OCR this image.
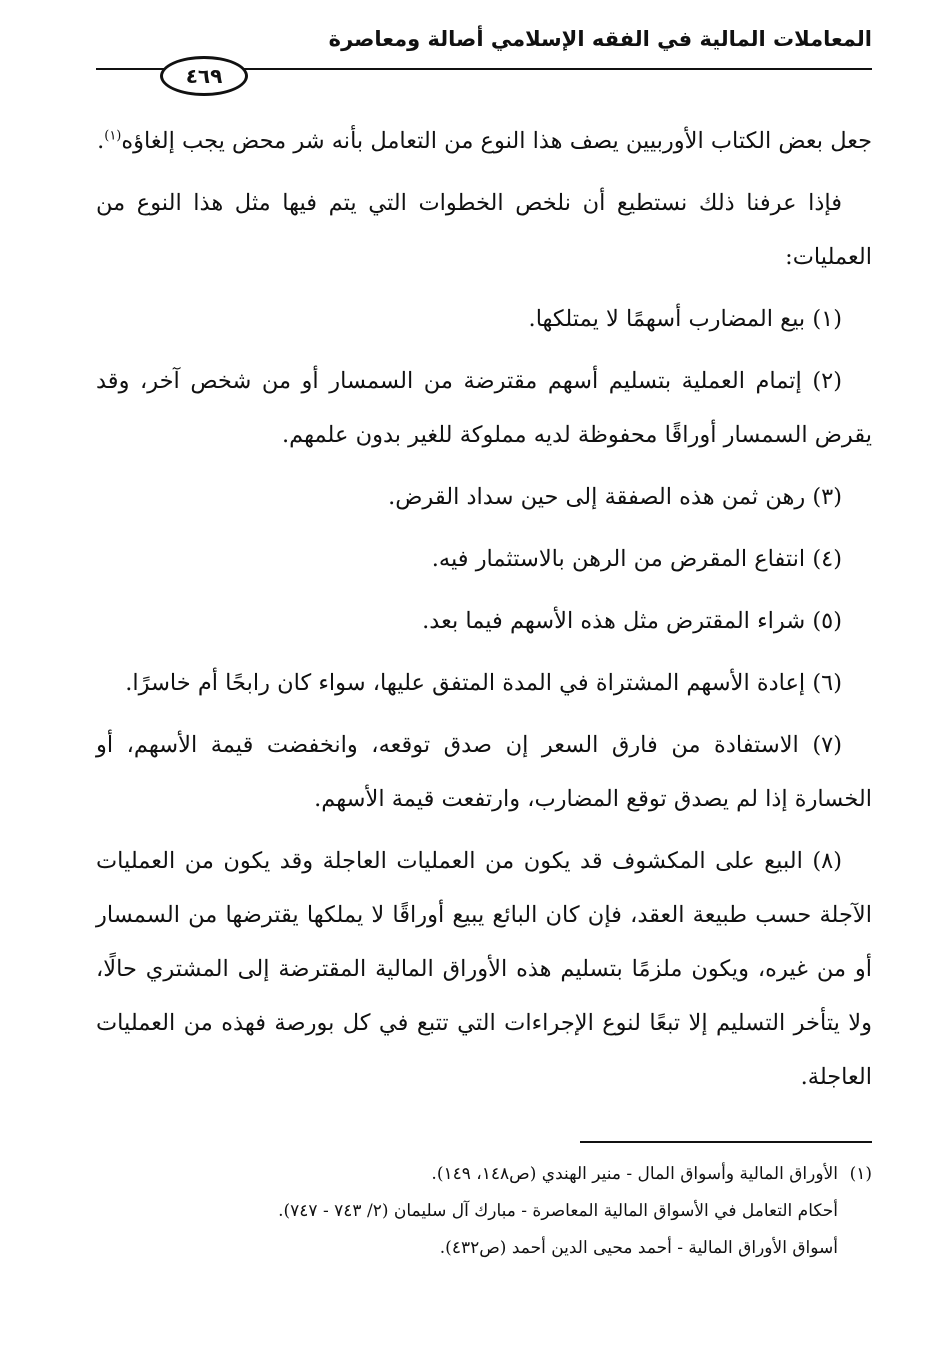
المعاملات المالية في الفقه الإسلامي أصالة ومعاصرة
٤٦٩

جعل بعض الكتاب الأوربيين يصف هذا النوع من التعامل بأنه شر محض يجب إلغاؤه$^{(١)}$.

فإذا عرفنا ذلك نستطيع أن نلخص الخطوات التي يتم فيها مثل هذا النوع من العمليات:

(١) بيع المضارب أسهمًا لا يمتلكها.

(٢) إتمام العملية بتسليم أسهم مقترضة من السمسار أو من شخص آخر، وقد يقرض السمسار أوراقًا محفوظة لديه مملوكة للغير بدون علمهم.

(٣) رهن ثمن هذه الصفقة إلى حين سداد القرض.

(٤) انتفاع المقرض من الرهن بالاستثمار فيه.

(٥) شراء المقترض مثل هذه الأسهم فيما بعد.

(٦) إعادة الأسهم المشتراة في المدة المتفق عليها، سواء كان رابحًا أم خاسرًا.

(٧) الاستفادة من فارق السعر إن صدق توقعه، وانخفضت قيمة الأسهم، أو الخسارة إذا لم يصدق توقع المضارب، وارتفعت قيمة الأسهم.

(٨) البيع على المكشوف قد يكون من العمليات العاجلة وقد يكون من العمليات الآجلة حسب طبيعة العقد، فإن كان البائع يبيع أوراقًا لا يملكها يقترضها من السمسار أو من غيره، ويكون ملزمًا بتسليم هذه الأوراق المالية المقترضة إلى المشتري حالًا، ولا يتأخر التسليم إلا تبعًا لنوع الإجراءات التي تتبع في كل بورصة فهذه من العمليات العاجلة.

(١)الأوراق المالية وأسواق المال - منير الهندي (ص١٤٨، ١٤٩).
أحكام التعامل في الأسواق المالية المعاصرة - مبارك آل سليمان (٢/ ٧٤٣ - ٧٤٧).
أسواق الأوراق المالية - أحمد محيى الدين أحمد (ص٤٣٢).
